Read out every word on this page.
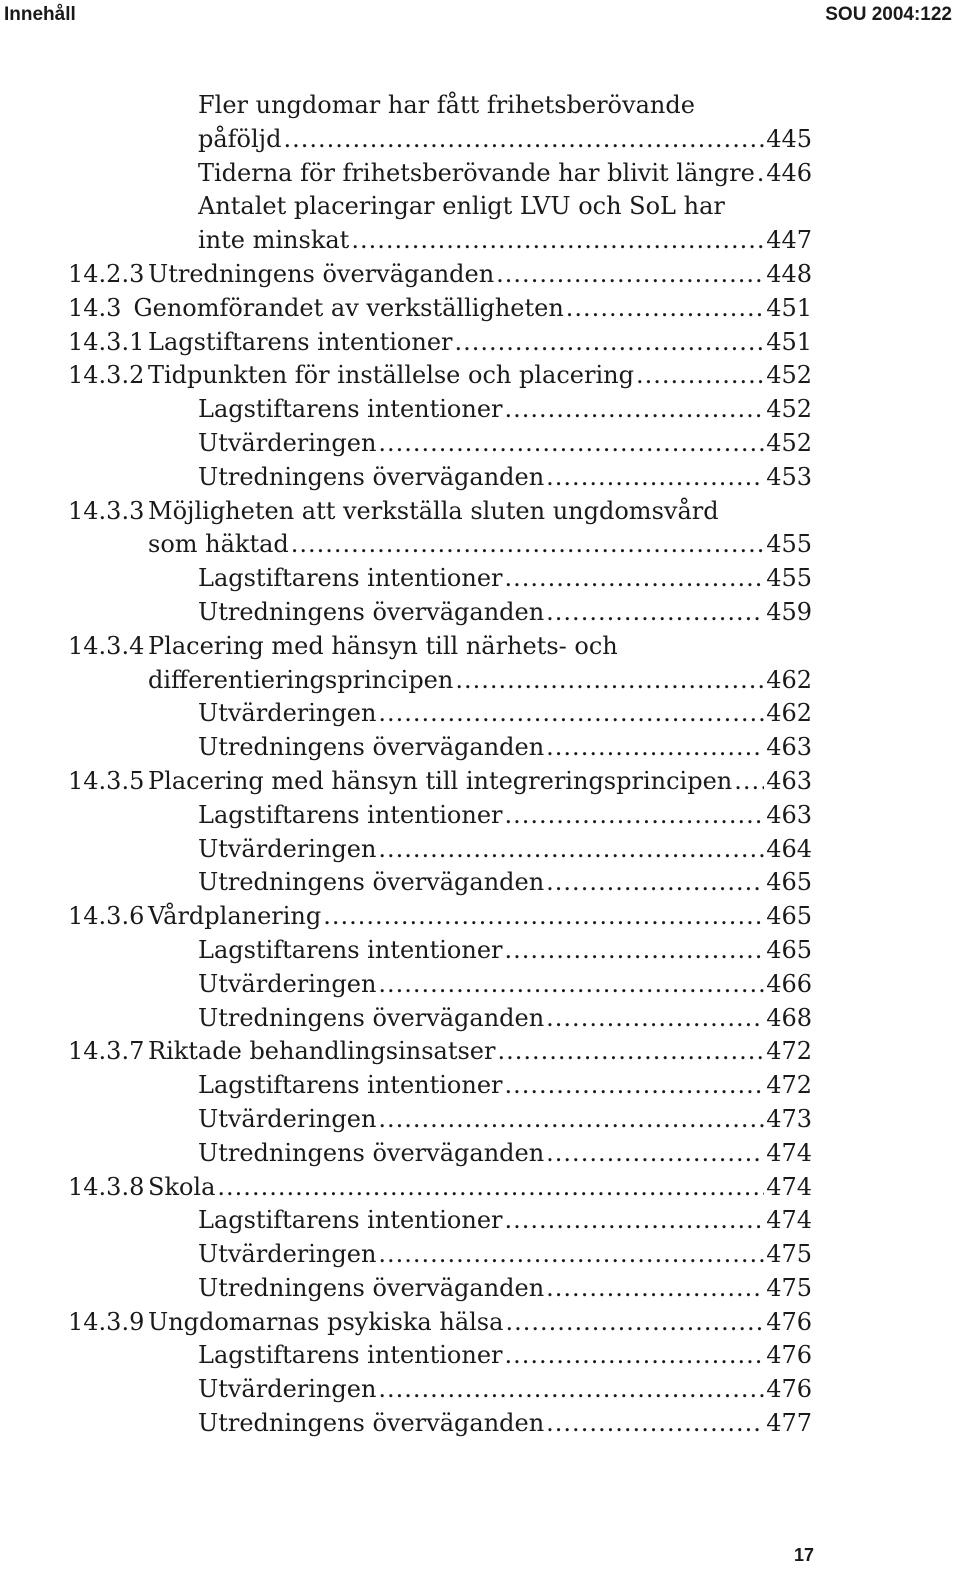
Innehåll	SOU 2004:122
Fler ungdomar har fått frihetsberövande
påföljd .....	445
Tiderna för frihetsberövande har blivit längre ..... 446
Antalet placeringar enligt LVU och SoL har
inte minskat .....	447
14.2.3 Utredningens överväganden .....	448
14.3 Genomförandet av verkställigheten .....	451
14.3.1 Lagstiftarens intentioner .....	451
14.3.2 Tidpunkten för inställelse och placering .....	452
Lagstiftarens intentioner .....	452
Utvärderingen .....	452
Utredningens överväganden .....	453
14.3.3 Möjligheten att verkställa sluten ungdomsvård
som häktad .....	455
Lagstiftarens intentioner .....	455
Utredningens överväganden .....	459
14.3.4 Placering med hänsyn till närhets- och
differentieringsprincipen .....	462
Utvärderingen .....	462
Utredningens överväganden .....	463
14.3.5 Placering med hänsyn till integreringsprincipen ..... 463
Lagstiftarens intentioner .....	463
Utvärderingen .....	464
Utredningens överväganden .....	465
14.3.6 Vårdplanering .....	465
Lagstiftarens intentioner .....	465
Utvärderingen .....	466
Utredningens överväganden .....	468
14.3.7 Riktade behandlingsinsatser .....	472
Lagstiftarens intentioner .....	472
Utvärderingen .....	473
Utredningens överväganden .....	474
14.3.8 Skola .....	474
Lagstiftarens intentioner .....	474
Utvärderingen .....	475
Utredningens överväganden .....	475
14.3.9 Ungdomarnas psykiska hälsa .....	476
Lagstiftarens intentioner .....	476
Utvärderingen .....	476
Utredningens överväganden .....	477
17
